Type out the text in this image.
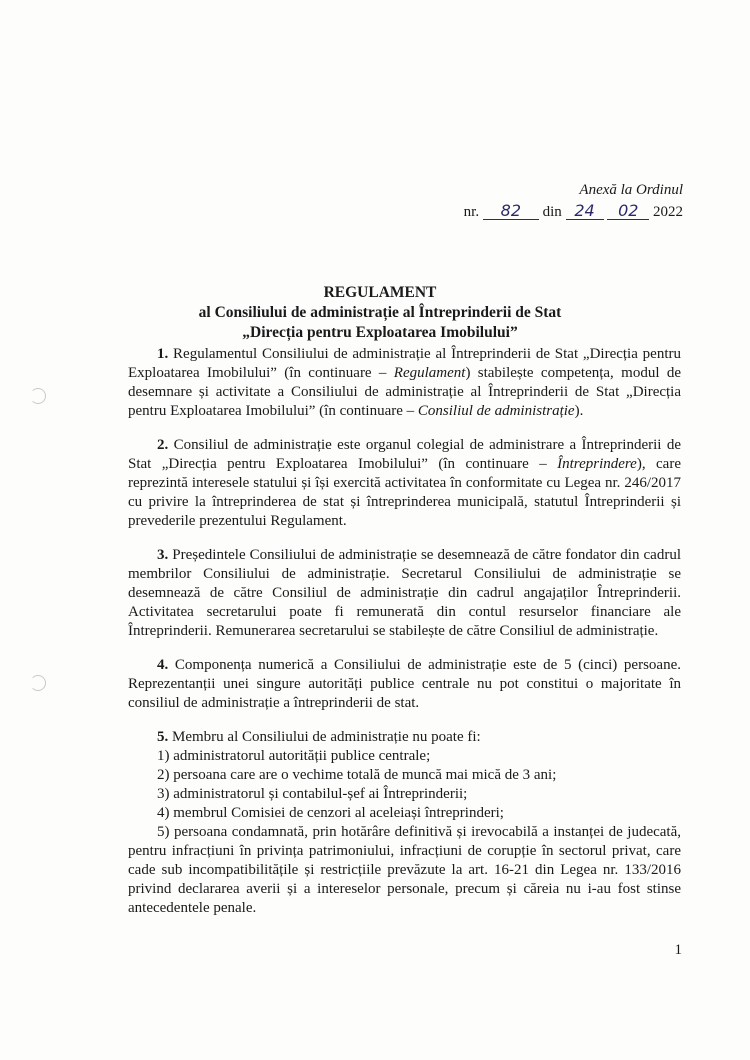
Anexă la Ordinul
nr. 82 din 24 02 2022
REGULAMENT
al Consiliului de administrație al Întreprinderii de Stat
„Direcția pentru Exploatarea Imobilului”

1. Regulamentul Consiliului de administrație al Întreprinderii de Stat „Direcția pentru Exploatarea Imobilului” (în continuare – Regulament) stabilește competența, modul de desemnare și activitate a Consiliului de administrație al Întreprinderii de Stat „Direcția pentru Exploatarea Imobilului” (în continuare – Consiliul de administrație).

2. Consiliul de administrație este organul colegial de administrare a Întreprinderii de Stat „Direcția pentru Exploatarea Imobilului” (în continuare – Întreprindere), care reprezintă interesele statului și își exercită activitatea în conformitate cu Legea nr. 246/2017 cu privire la întreprinderea de stat și întreprinderea municipală, statutul Întreprinderii și prevederile prezentului Regulament.

3. Președintele Consiliului de administrație se desemnează de către fondator din cadrul membrilor Consiliului de administrație. Secretarul Consiliului de administrație se desemnează de către Consiliul de administrație din cadrul angajaților Întreprinderii. Activitatea secretarului poate fi remunerată din contul resurselor financiare ale Întreprinderii. Remunerarea secretarului se stabilește de către Consiliul de administrație.

4. Componența numerică a Consiliului de administrație este de 5 (cinci) persoane. Reprezentanții unei singure autorități publice centrale nu pot constitui o majoritate în consiliul de administrație a întreprinderii de stat.

5. Membru al Consiliului de administrație nu poate fi:

1) administratorul autorității publice centrale;

2) persoana care are o vechime totală de muncă mai mică de 3 ani;

3) administratorul și contabilul-șef ai Întreprinderii;

4) membrul Comisiei de cenzori al aceleiași întreprinderi;

5) persoana condamnată, prin hotărâre definitivă și irevocabilă a instanței de judecată, pentru infracțiuni în privința patrimoniului, infracțiuni de corupție în sectorul privat, care cade sub incompatibilitățile și restricțiile prevăzute la art. 16-21 din Legea nr. 133/2016 privind declararea averii și a intereselor personale, precum și căreia nu i-au fost stinse antecedentele penale.

1
